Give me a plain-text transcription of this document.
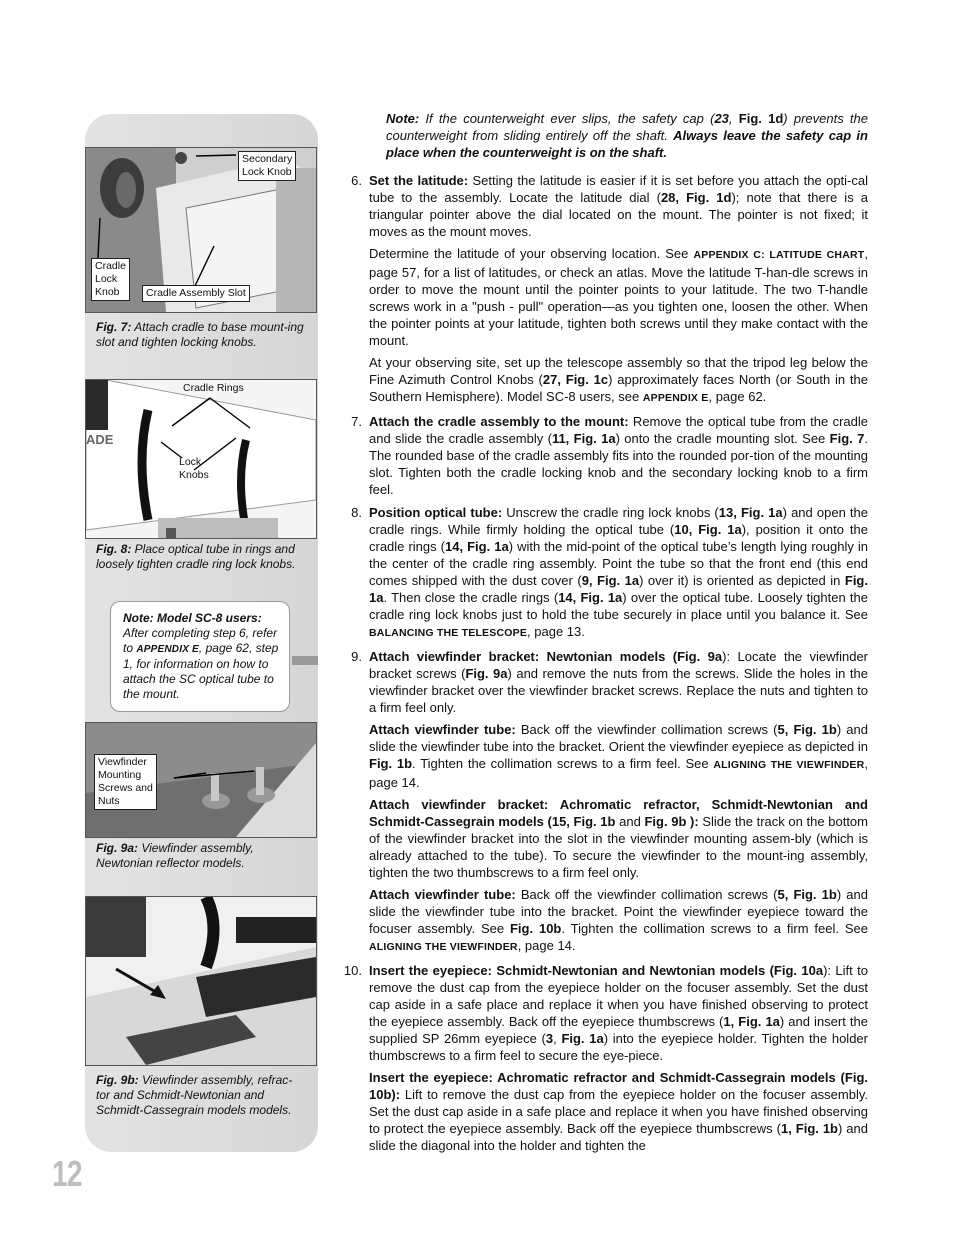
Secondary
Lock Knob
Cradle
Lock
Knob	Cradle Assembly Slot
Fig. 7: Attach cradle to base mount-ing slot and tighten locking knobs.
ADE
Cradle Rings
Lock
Knobs
Fig. 8: Place optical tube in rings and loosely tighten cradle ring lock knobs.
Note: Model SC-8 users:
After completing step 6, refer to APPENDIX E, page 62, step 1, for information on how to attach the SC optical tube to the mount.
Viewfinder
Mounting
Screws and
Nuts
Fig. 9a: Viewfinder assembly, Newtonian reflector models.
Fig. 9b: Viewfinder assembly, refrac-tor and Schmidt-Newtonian and Schmidt-Cassegrain models models.
12
Note: If the counterweight ever slips, the safety cap (23, Fig. 1d) prevents the counterweight from sliding entirely off the shaft. Always leave the safety cap in place when the counterweight is on the shaft.
6. Set the latitude: Setting the latitude is easier if it is set before you attach the opti-cal tube to the assembly. Locate the latitude dial (28, Fig. 1d); note that there is a triangular pointer above the dial located on the mount. The pointer is not fixed; it moves as the mount moves.

Determine the latitude of your observing location. See APPENDIX C: LATITUDE CHART, page 57, for a list of latitudes, or check an atlas. Move the latitude T-han-dle screws in order to move the mount until the pointer points to your latitude. The two T-handle screws work in a "push - pull" operation—as you tighten one, loosen the other. When the pointer points at your latitude, tighten both screws until they make contact with the mount.

At your observing site, set up the telescope assembly so that the tripod leg below the Fine Azimuth Control Knobs (27, Fig. 1c) approximately faces North (or South in the Southern Hemisphere). Model SC-8 users, see APPENDIX E, page 62.

7. Attach the cradle assembly to the mount: Remove the optical tube from the cradle and slide the cradle assembly (11, Fig. 1a) onto the cradle mounting slot. See Fig. 7. The rounded base of the cradle assembly fits into the rounded por-tion of the mounting slot. Tighten both the cradle locking knob and the secondary locking knob to a firm feel.

8. Position optical tube: Unscrew the cradle ring lock knobs (13, Fig. 1a) and open the cradle rings. While firmly holding the optical tube (10, Fig. 1a), position it onto the cradle rings (14, Fig. 1a) with the mid-point of the optical tube’s length lying roughly in the center of the cradle ring assembly. Point the tube so that the front end (this end comes shipped with the dust cover (9, Fig. 1a) over it) is oriented as depicted in Fig. 1a. Then close the cradle rings (14, Fig. 1a) over the optical tube. Loosely tighten the cradle ring lock knobs just to hold the tube securely in place until you balance it. See BALANCING THE TELESCOPE, page 13.

9. Attach viewfinder bracket: Newtonian models (Fig. 9a): Locate the viewfinder bracket screws (Fig. 9a) and remove the nuts from the screws. Slide the holes in the viewfinder bracket over the viewfinder bracket screws. Replace the nuts and tighten to a firm feel only.

Attach viewfinder tube: Back off the viewfinder collimation screws (5, Fig. 1b) and slide the viewfinder tube into the bracket. Orient the viewfinder eyepiece as depicted in Fig. 1b. Tighten the collimation screws to a firm feel. See ALIGNING THE VIEWFINDER, page 14.

Attach viewfinder bracket: Achromatic refractor, Schmidt-Newtonian and Schmidt-Cassegrain models (15, Fig. 1b and Fig. 9b ): Slide the track on the bottom of the viewfinder bracket into the slot in the viewfinder mounting assem-bly (which is already attached to the tube). To secure the viewfinder to the mount-ing assembly, tighten the two thumbscrews to a firm feel only.

Attach viewfinder tube: Back off the viewfinder collimation screws (5, Fig. 1b) and slide the viewfinder tube into the bracket. Point the viewfinder eyepiece toward the focuser assembly. See Fig. 10b. Tighten the collimation screws to a firm feel. See ALIGNING THE VIEWFINDER, page 14.

10. Insert the eyepiece: Schmidt-Newtonian and Newtonian models (Fig. 10a): Lift to remove the dust cap from the eyepiece holder on the focuser assembly. Set the dust cap aside in a safe place and replace it when you have finished observing to protect the eyepiece assembly. Back off the eyepiece thumbscrews (1, Fig. 1a) and insert the supplied SP 26mm eyepiece (3, Fig. 1a) into the eyepiece holder. Tighten the holder thumbscrews to a firm feel to secure the eye-piece.

Insert the eyepiece: Achromatic refractor and Schmidt-Cassegrain models (Fig. 10b): Lift to remove the dust cap from the eyepiece holder on the focuser assembly. Set the dust cap aside in a safe place and replace it when you have finished observing to protect the eyepiece assembly. Back off the eyepiece thumbscrews (1, Fig. 1b) and slide the diagonal into the holder and tighten the
